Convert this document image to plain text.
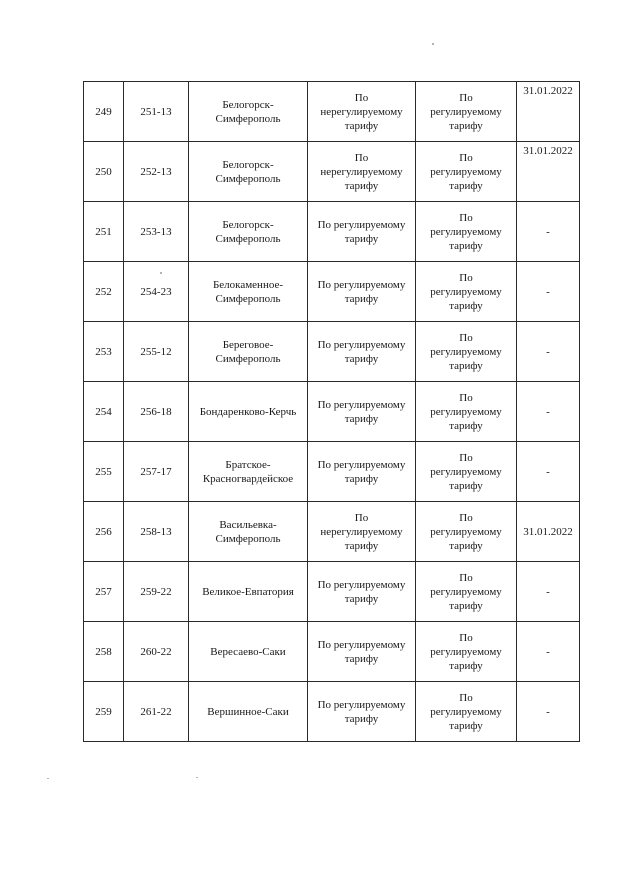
249	251-13	Белогорск-
Симферополь	По
нерегулируемому
тарифу	По
регулируемому
тарифу	31.01.2022
250	252-13	Белогорск-
Симферополь	По
нерегулируемому
тарифу	По
регулируемому
тарифу	31.01.2022
251	253-13	Белогорск-
Симферополь	По регулируемому
тарифу	По
регулируемому
тарифу	-
252	254-23	Белокаменное-
Симферополь	По регулируемому
тарифу	По
регулируемому
тарифу	-
253	255-12	Береговое-
Симферополь	По регулируемому
тарифу	По
регулируемому
тарифу	-
254	256-18	Бондаренково-Керчь	По регулируемому
тарифу	По
регулируемому
тарифу	-
255	257-17	Братское-
Красногвардейское	По регулируемому
тарифу	По
регулируемому
тарифу	-
256	258-13	Васильевка-
Симферополь	По
нерегулируемому
тарифу	По
регулируемому
тарифу	31.01.2022
257	259-22	Великое-Евпатория	По регулируемому
тарифу	По
регулируемому
тарифу	-
258	260-22	Вересаево-Саки	По регулируемому
тарифу	По
регулируемому
тарифу	-
259	261-22	Вершинное-Саки	По регулируемому
тарифу	По
регулируемому
тарифу	-
